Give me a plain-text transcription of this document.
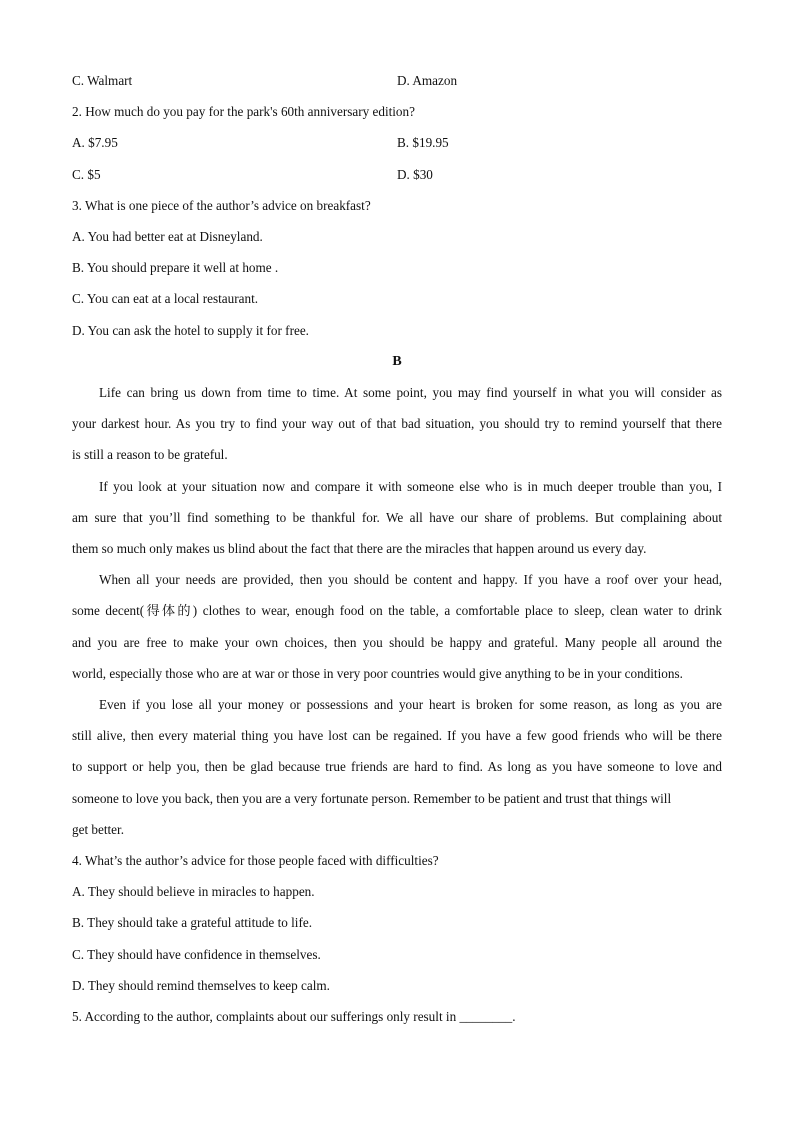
C. Walmart	D. Amazon

2. How much do you pay for the park's 60th anniversary edition?

A. $7.95	B. $19.95
C. $5	D. $30

3. What is one piece of the author’s advice on breakfast?

A. You had better eat at Disneyland.

B. You should prepare it well at home .

C. You can eat at a local restaurant.

D. You can ask the hotel to supply it for free.

B

Life can bring us down from time to time. At some point, you may find yourself in what you will consider as
your darkest hour. As you try to find your way out of that bad situation, you should try to remind yourself that there
is still a reason to be grateful.
If you look at your situation now and compare it with someone else who is in much deeper trouble than you, I
am sure that you’ll find something to be thankful for. We all have our share of problems. But complaining about
them so much only makes us blind about the fact that there are the miracles that happen around us every day.
When all your needs are provided, then you should be content and happy. If you have a roof over your head,
some decent(得体的) clothes to wear, enough food on the table, a comfortable place to sleep, clean water to drink
and you are free to make your own choices, then you should be happy and grateful. Many people all around the
world, especially those who are at war or those in very poor countries would give anything to be in your conditions.
Even if you lose all your money or possessions and your heart is broken for some reason, as long as you are
still alive, then every material thing you have lost can be regained. If you have a few good friends who will be there
to support or help you, then be glad because true friends are hard to find. As long as you have someone to love and
someone to love you back, then you are a very fortunate person. Remember to be patient and trust that things will
get better.

4. What’s the author’s advice for those people faced with difficulties?

A. They should believe in miracles to happen.

B. They should take a grateful attitude to life.

C. They should have confidence in themselves.

D. They should remind themselves to keep calm.

5. According to the author, complaints about our sufferings only result in ________.
